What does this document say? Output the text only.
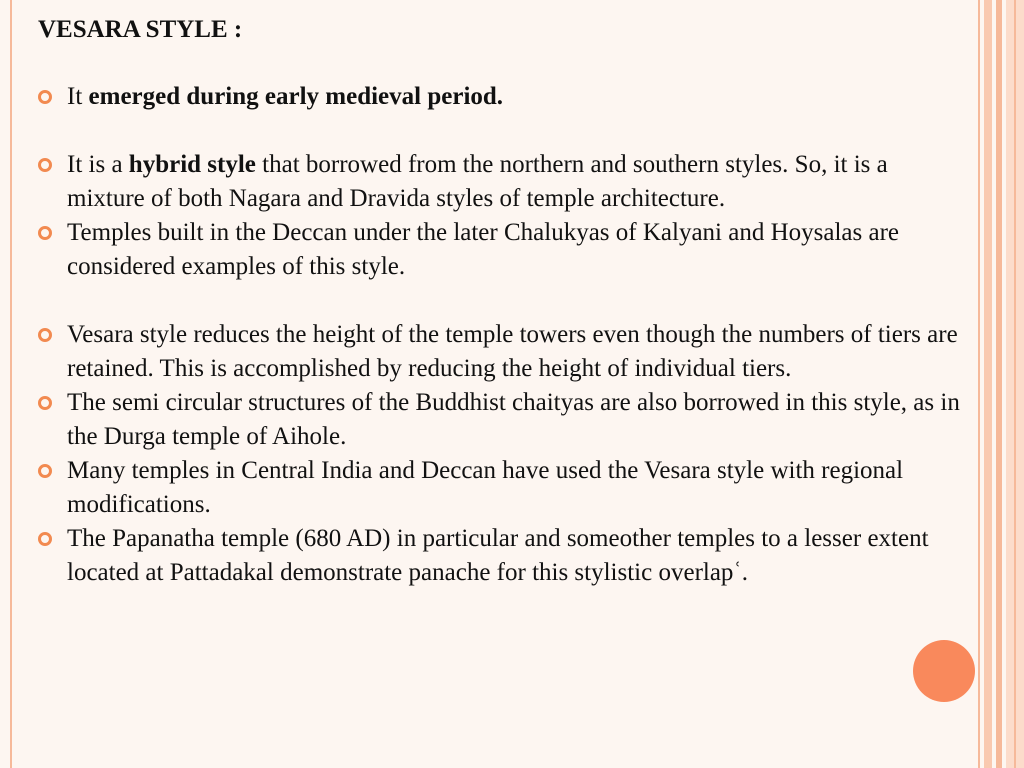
VESARA STYLE :
It emerged during early medieval period.
It is a hybrid style that borrowed from the northern and southern styles. So, it is a mixture of both Nagara and Dravida styles of temple architecture.
Temples built in the Deccan under the later Chalukyas of Kalyani and Hoysalas are considered examples of this style.
Vesara style reduces the height of the temple towers even though the numbers of tiers are retained. This is accomplished by reducing the height of individual tiers.
The semi circular structures of the Buddhist chaityas are also borrowed in this style, as in the Durga temple of Aihole.
Many temples in Central India and Deccan have used the Vesara style with regional modifications.
The Papanatha temple (680 AD) in particular and someother temples to a lesser extent located at Pattadakal demonstrate panache for this stylistic overlapʿ.
